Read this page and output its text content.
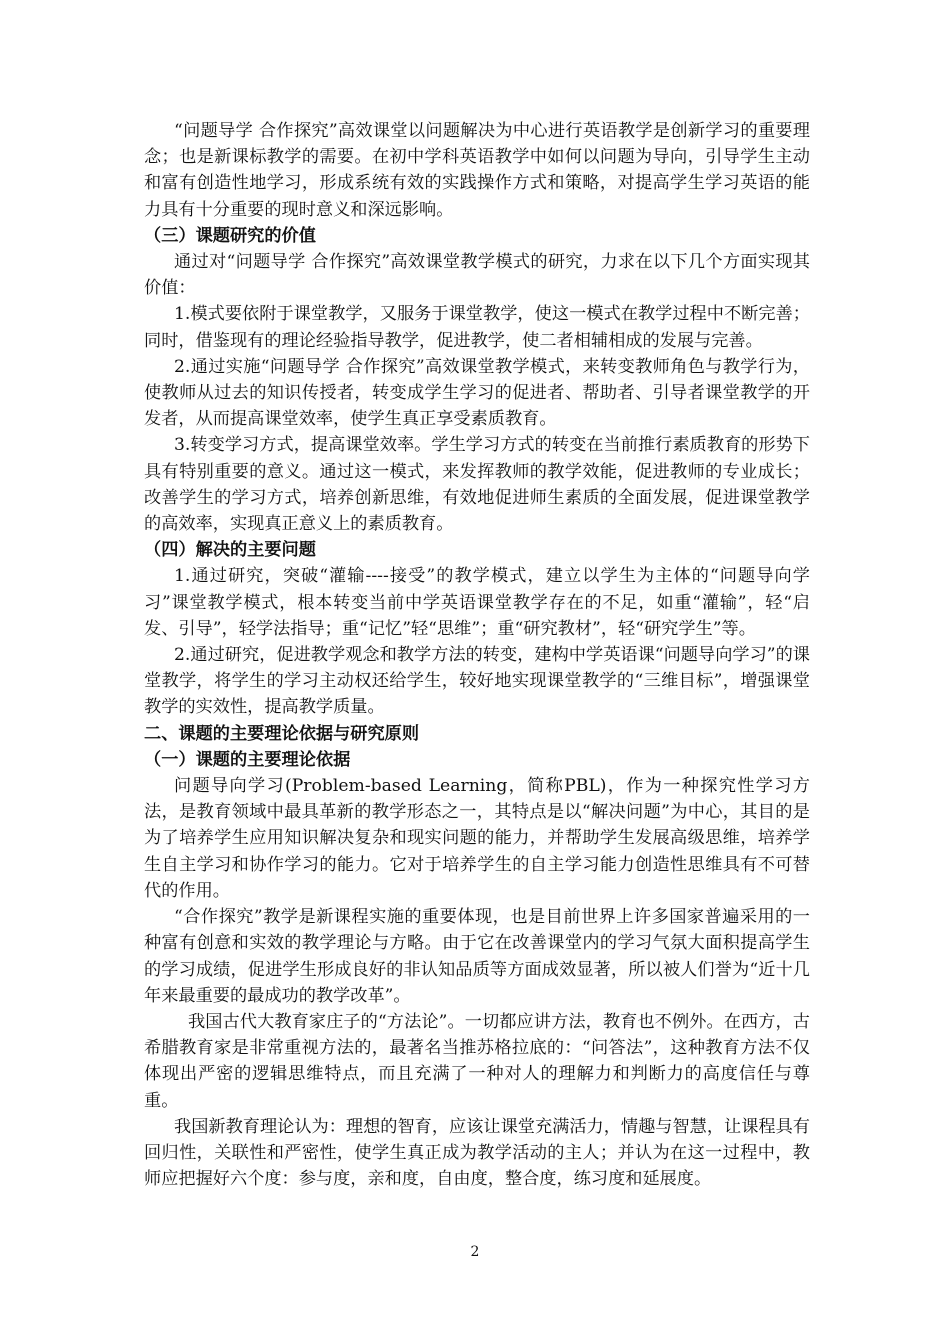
“问题导学 合作探究”高效课堂以问题解决为中心进行英语教学是创新学习的重要理念；也是新课标教学的需要。在初中学科英语教学中如何以问题为导向，引导学生主动和富有创造性地学习，形成系统有效的实践操作方式和策略，对提高学生学习英语的能力具有十分重要的现时意义和深远影响。

（三）课题研究的价值

通过对“问题导学 合作探究”高效课堂教学模式的研究，力求在以下几个方面实现其价值：

1.模式要依附于课堂教学，又服务于课堂教学，使这一模式在教学过程中不断完善；同时，借鉴现有的理论经验指导教学，促进教学，使二者相辅相成的发展与完善。

2.通过实施“问题导学 合作探究”高效课堂教学模式，来转变教师角色与教学行为，使教师从过去的知识传授者，转变成学生学习的促进者、帮助者、引导者课堂教学的开发者，从而提高课堂效率，使学生真正享受素质教育。

3.转变学习方式，提高课堂效率。学生学习方式的转变在当前推行素质教育的形势下具有特别重要的意义。通过这一模式，来发挥教师的教学效能，促进教师的专业成长；改善学生的学习方式，培养创新思维，有效地促进师生素质的全面发展，促进课堂教学的高效率，实现真正意义上的素质教育。

（四）解决的主要问题

1.通过研究，突破“灌输----接受”的教学模式，建立以学生为主体的“问题导向学习”课堂教学模式，根本转变当前中学英语课堂教学存在的不足，如重“灌输”，轻“启发、引导”，轻学法指导；重“记忆”轻“思维”；重“研究教材”，轻“研究学生”等。

2.通过研究，促进教学观念和教学方法的转变，建构中学英语课“问题导向学习”的课堂教学，将学生的学习主动权还给学生，较好地实现课堂教学的“三维目标”，增强课堂教学的实效性，提高教学质量。

二、课题的主要理论依据与研究原则
（一）课题的主要理论依据

问题导向学习(Problem-based Learning，简称PBL)，作为一种探究性学习方法，是教育领域中最具革新的教学形态之一，其特点是以“解决问题”为中心，其目的是为了培养学生应用知识解决复杂和现实问题的能力，并帮助学生发展高级思维，培养学生自主学习和协作学习的能力。它对于培养学生的自主学习能力创造性思维具有不可替代的作用。

“合作探究”教学是新课程实施的重要体现，也是目前世界上许多国家普遍采用的一种富有创意和实效的教学理论与方略。由于它在改善课堂内的学习气氛大面积提高学生的学习成绩，促进学生形成良好的非认知品质等方面成效显著，所以被人们誉为“近十几年来最重要的最成功的教学改革”。

我国古代大教育家庄子的“方法论”。一切都应讲方法，教育也不例外。在西方，古希腊教育家是非常重视方法的，最著名当推苏格拉底的：“问答法”，这种教育方法不仅体现出严密的逻辑思维特点，而且充满了一种对人的理解力和判断力的高度信任与尊重。

我国新教育理论认为：理想的智育，应该让课堂充满活力，情趣与智慧，让课程具有回归性，关联性和严密性，使学生真正成为教学活动的主人；并认为在这一过程中，教师应把握好六个度：参与度，亲和度，自由度，整合度，练习度和延展度。

2
